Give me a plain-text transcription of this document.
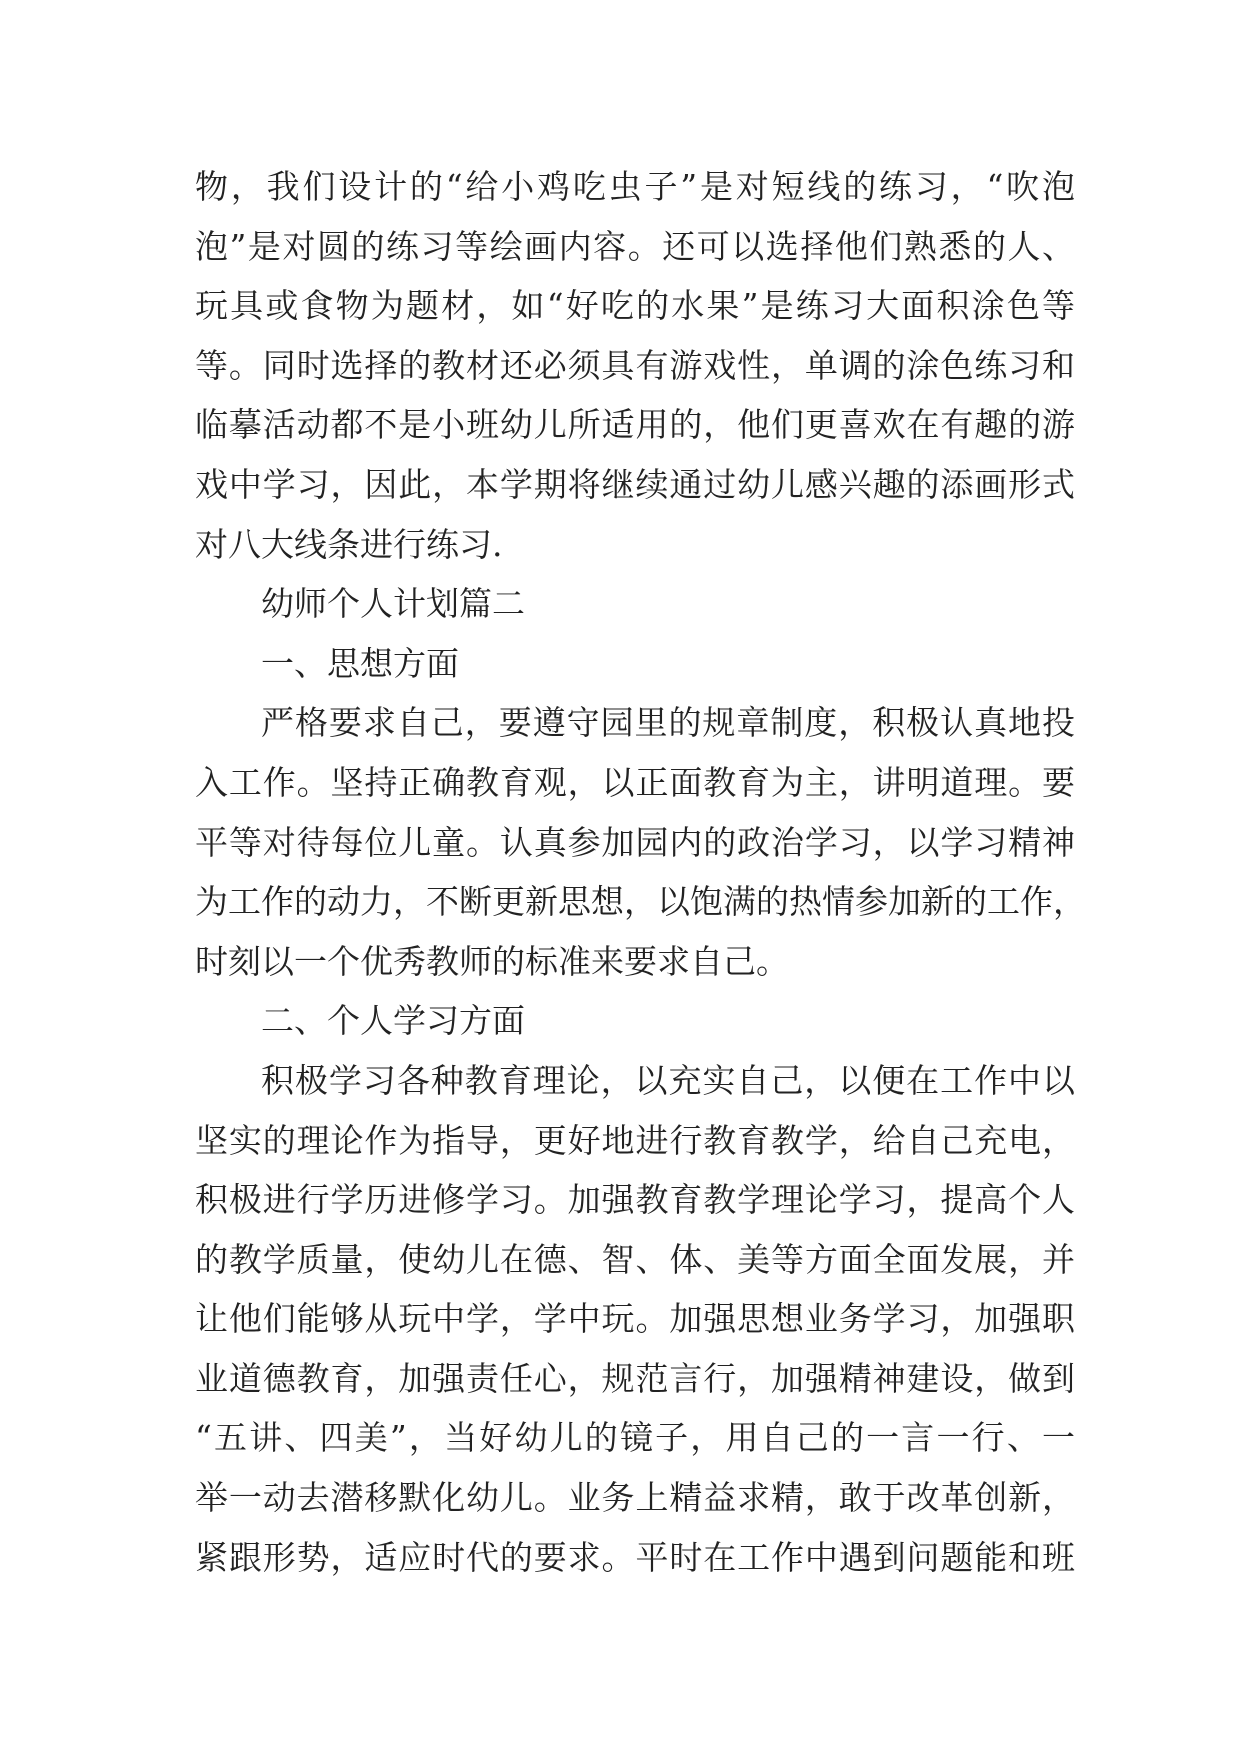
物，我们设计的“给小鸡吃虫子”是对短线的练习，“吹泡
泡”是对圆的练习等绘画内容。还可以选择他们熟悉的人、
玩具或食物为题材，如“好吃的水果”是练习大面积涂色等
等。同时选择的教材还必须具有游戏性，单调的涂色练习和
临摹活动都不是小班幼儿所适用的，他们更喜欢在有趣的游
戏中学习，因此，本学期将继续通过幼儿感兴趣的添画形式
对八大线条进行练习.
幼师个人计划篇二
一、思想方面
严格要求自己，要遵守园里的规章制度，积极认真地投
入工作。坚持正确教育观，以正面教育为主，讲明道理。要
平等对待每位儿童。认真参加园内的政治学习，以学习精神
为工作的动力，不断更新思想，以饱满的热情参加新的工作，
时刻以一个优秀教师的标准来要求自己。
二、个人学习方面
积极学习各种教育理论，以充实自己，以便在工作中以
坚实的理论作为指导，更好地进行教育教学，给自己充电，
积极进行学历进修学习。加强教育教学理论学习，提高个人
的教学质量，使幼儿在德、智、体、美等方面全面发展，并
让他们能够从玩中学，学中玩。加强思想业务学习，加强职
业道德教育，加强责任心，规范言行，加强精神建设，做到
“五讲、四美”，当好幼儿的镜子，用自己的一言一行、一
举一动去潜移默化幼儿。业务上精益求精，敢于改革创新，
紧跟形势，适应时代的要求。平时在工作中遇到问题能和班
